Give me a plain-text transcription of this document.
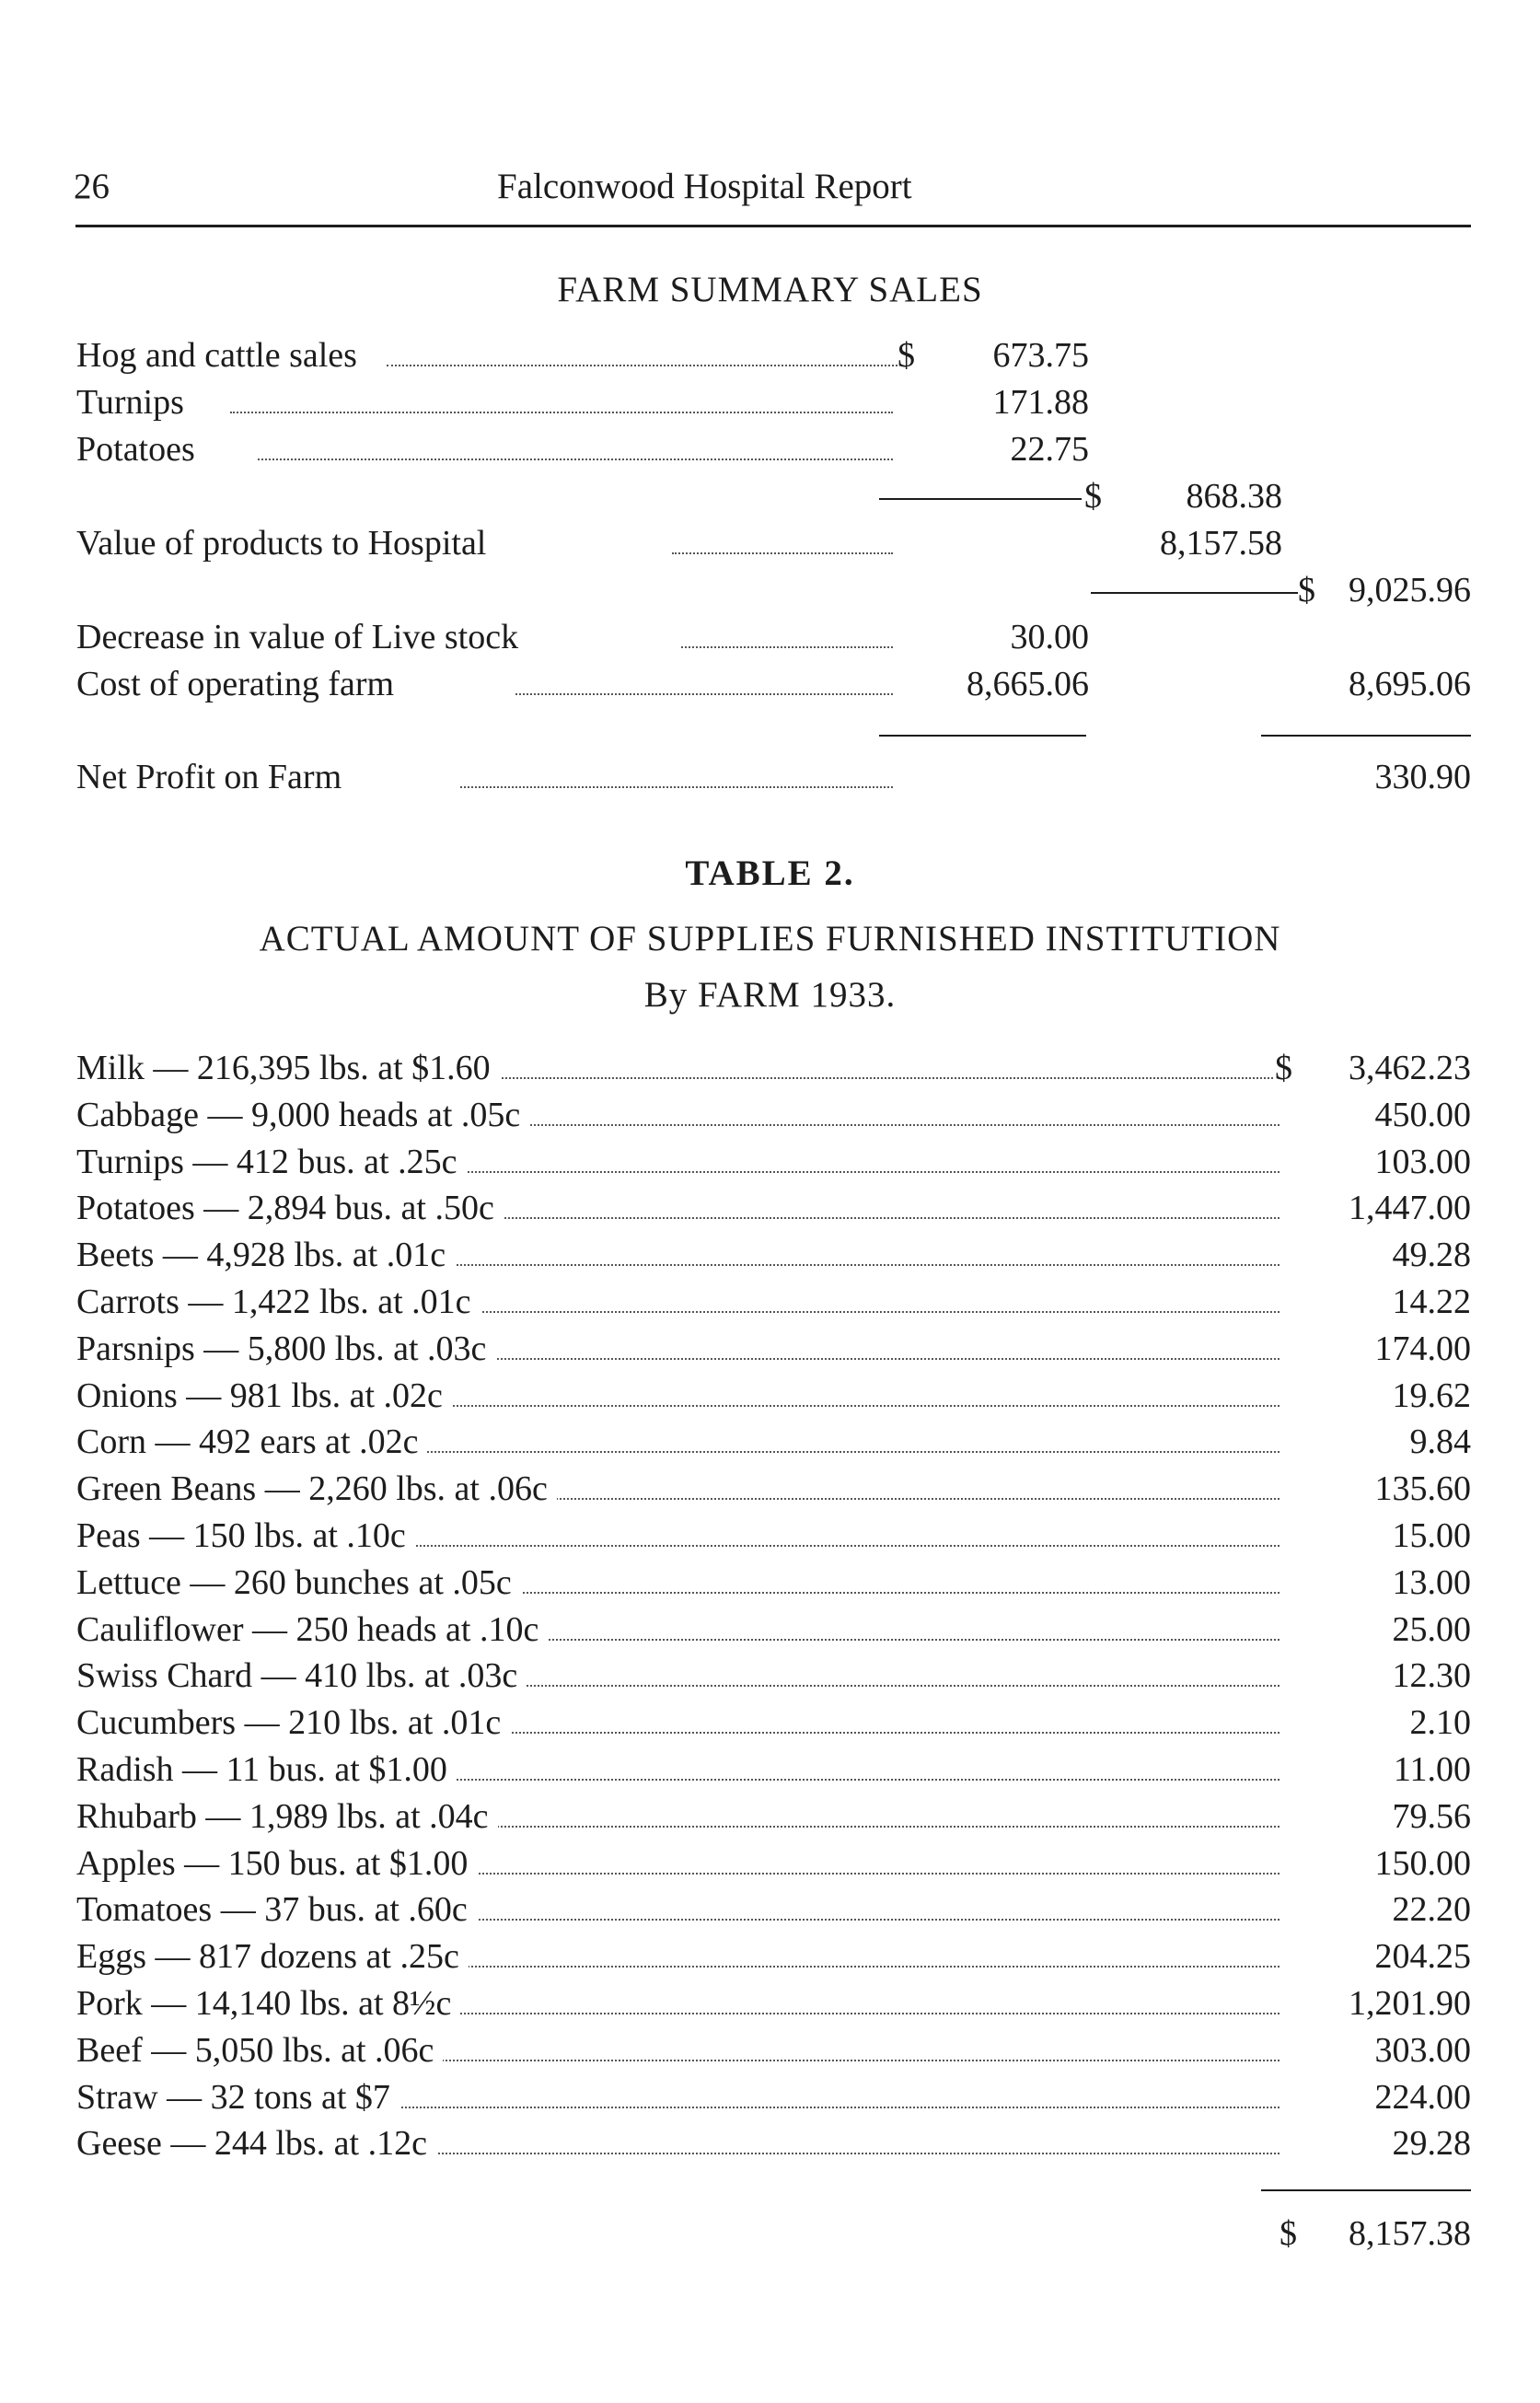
26	Falconwood Hospital Report
FARM SUMMARY SALES
Hog and cattle sales	$ 673.75
Turnips	171.88
Potatoes	22.75
$ 868.38
Value of products to Hospital	8,157.58
$ 9,025.96
Decrease in value of Live stock	30.00
Cost of operating farm	8,665.06	8,695.06
Net Profit on Farm	330.90
TABLE 2.
ACTUAL AMOUNT OF SUPPLIES FURNISHED INSTITUTION
By FARM 1933.
Milk — 216,395 lbs. at $1.60	$ 3,462.23
Cabbage — 9,000 heads at .05c	450.00
Turnips — 412 bus. at .25c	103.00
Potatoes — 2,894 bus. at .50c	1,447.00
Beets — 4,928 lbs. at .01c	49.28
Carrots — 1,422 lbs. at .01c	14.22
Parsnips — 5,800 lbs. at .03c	174.00
Onions — 981 lbs. at .02c	19.62
Corn — 492 ears at .02c	9.84
Green Beans — 2,260 lbs. at .06c	135.60
Peas — 150 lbs. at .10c	15.00
Lettuce — 260 bunches at .05c	13.00
Cauliflower — 250 heads at .10c	25.00
Swiss Chard — 410 lbs. at .03c	12.30
Cucumbers — 210 lbs. at .01c	2.10
Radish — 11 bus. at $1.00	11.00
Rhubarb — 1,989 lbs. at .04c	79.56
Apples — 150 bus. at $1.00	150.00
Tomatoes — 37 bus. at .60c	22.20
Eggs — 817 dozens at .25c	204.25
Pork — 14,140 lbs. at 8½c	1,201.90
Beef — 5,050 lbs. at .06c	303.00
Straw — 32 tons at $7	224.00
Geese — 244 lbs. at .12c	29.28
$ 8,157.38
